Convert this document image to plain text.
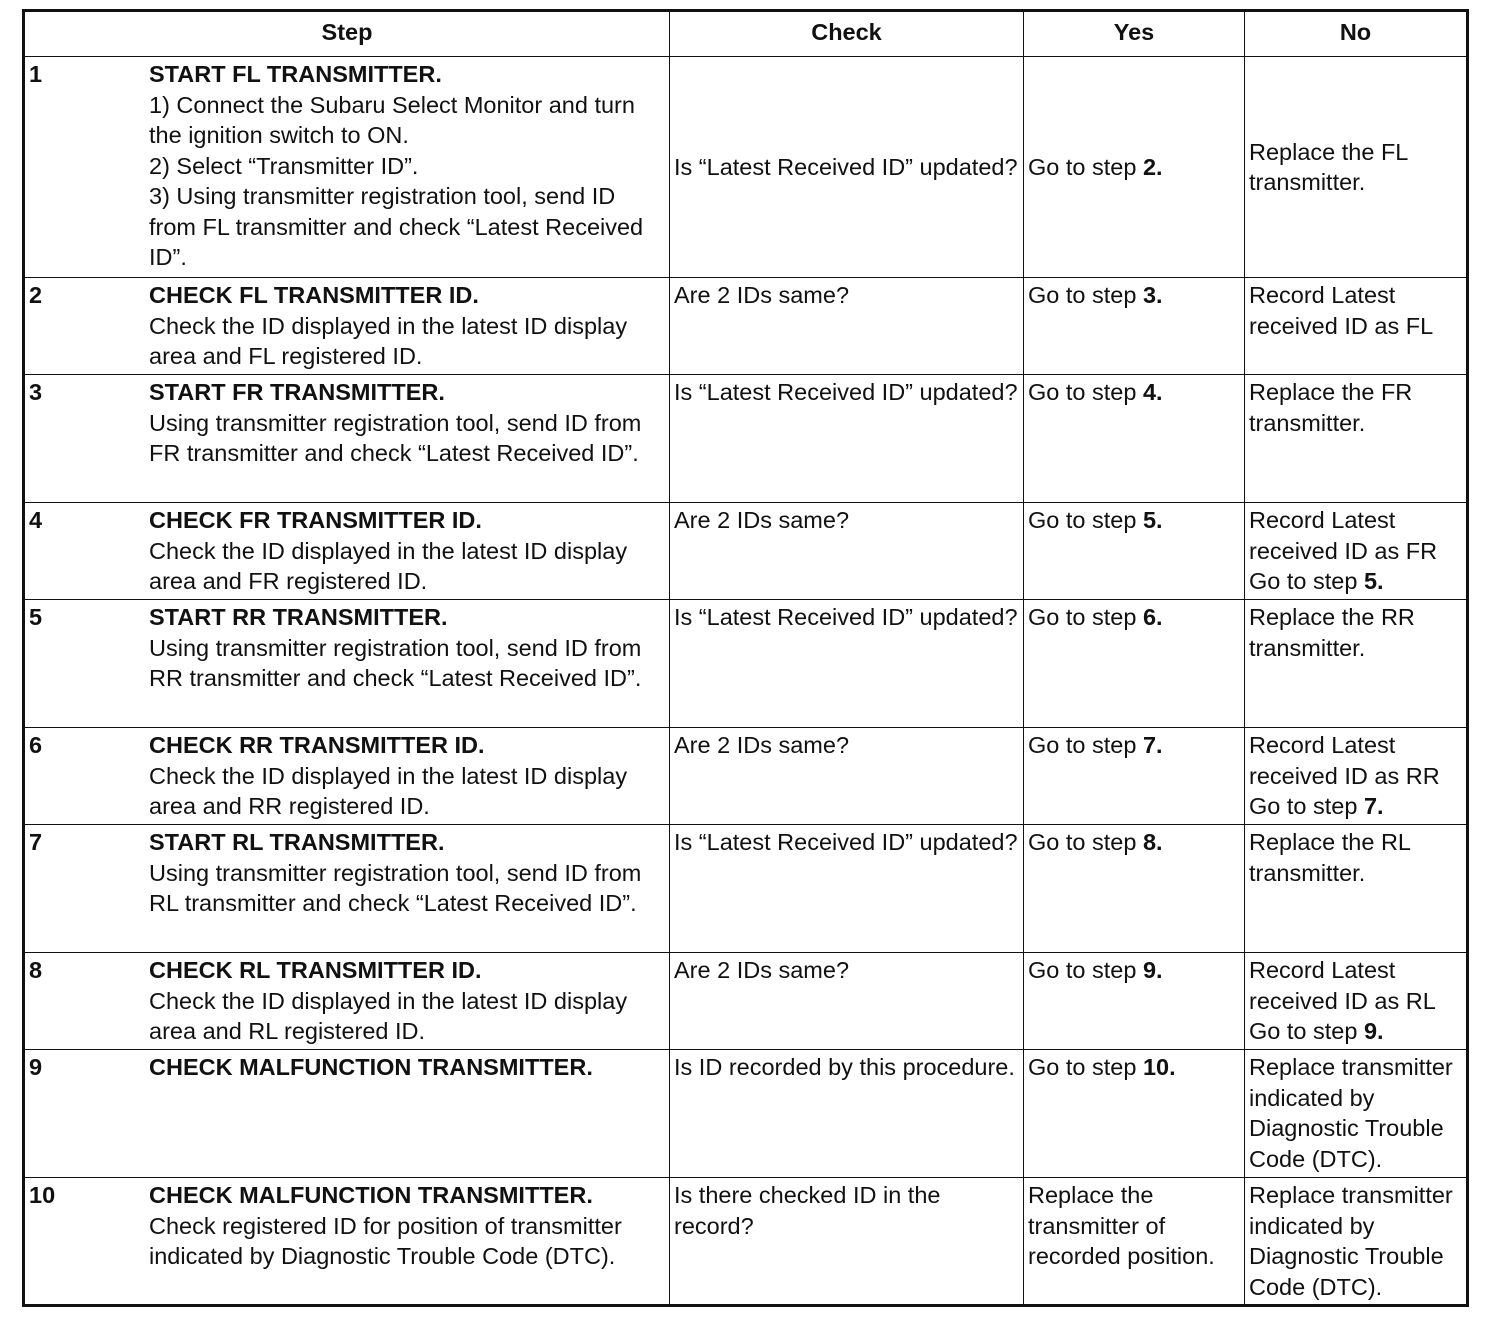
Step	Check	Yes	No

1 START FL TRANSMITTER.
1) Connect the Subaru Select Monitor and turn the ignition switch to ON.
2) Select “Transmitter ID”.
3) Using transmitter registration tool, send ID from FL transmitter and check “Latest Received ID”.	Is “Latest Received ID” updated?	Go to step 2.	Replace the FL transmitter.

2 CHECK FL TRANSMITTER ID.
Check the ID displayed in the latest ID display area and FL registered ID.	Are 2 IDs same?	Go to step 3.	Record Latest received ID as FL

3 START FR TRANSMITTER.
Using transmitter registration tool, send ID from FR transmitter and check “Latest Received ID”.	Is “Latest Received ID” updated?	Go to step 4.	Replace the FR transmitter.

4 CHECK FR TRANSMITTER ID.
Check the ID displayed in the latest ID display area and FR registered ID.	Are 2 IDs same?	Go to step 5.	Record Latest received ID as FR
Go to step 5.

5 START RR TRANSMITTER.
Using transmitter registration tool, send ID from RR transmitter and check “Latest Received ID”.	Is “Latest Received ID” updated?	Go to step 6.	Replace the RR transmitter.

6 CHECK RR TRANSMITTER ID.
Check the ID displayed in the latest ID display area and RR registered ID.	Are 2 IDs same?	Go to step 7.	Record Latest received ID as RR
Go to step 7.

7 START RL TRANSMITTER.
Using transmitter registration tool, send ID from RL transmitter and check “Latest Received ID”.	Is “Latest Received ID” updated?	Go to step 8.	Replace the RL transmitter.

8 CHECK RL TRANSMITTER ID.
Check the ID displayed in the latest ID display area and RL registered ID.	Are 2 IDs same?	Go to step 9.	Record Latest received ID as RL
Go to step 9.

9 CHECK MALFUNCTION TRANSMITTER.	Is ID recorded by this procedure.	Go to step 10.	Replace transmitter indicated by Diagnostic Trouble Code (DTC).

10 CHECK MALFUNCTION TRANSMITTER.
Check registered ID for position of transmitter indicated by Diagnostic Trouble Code (DTC).	Is there checked ID in the record?	Replace the transmitter of recorded position.	Replace transmitter indicated by Diagnostic Trouble Code (DTC).
